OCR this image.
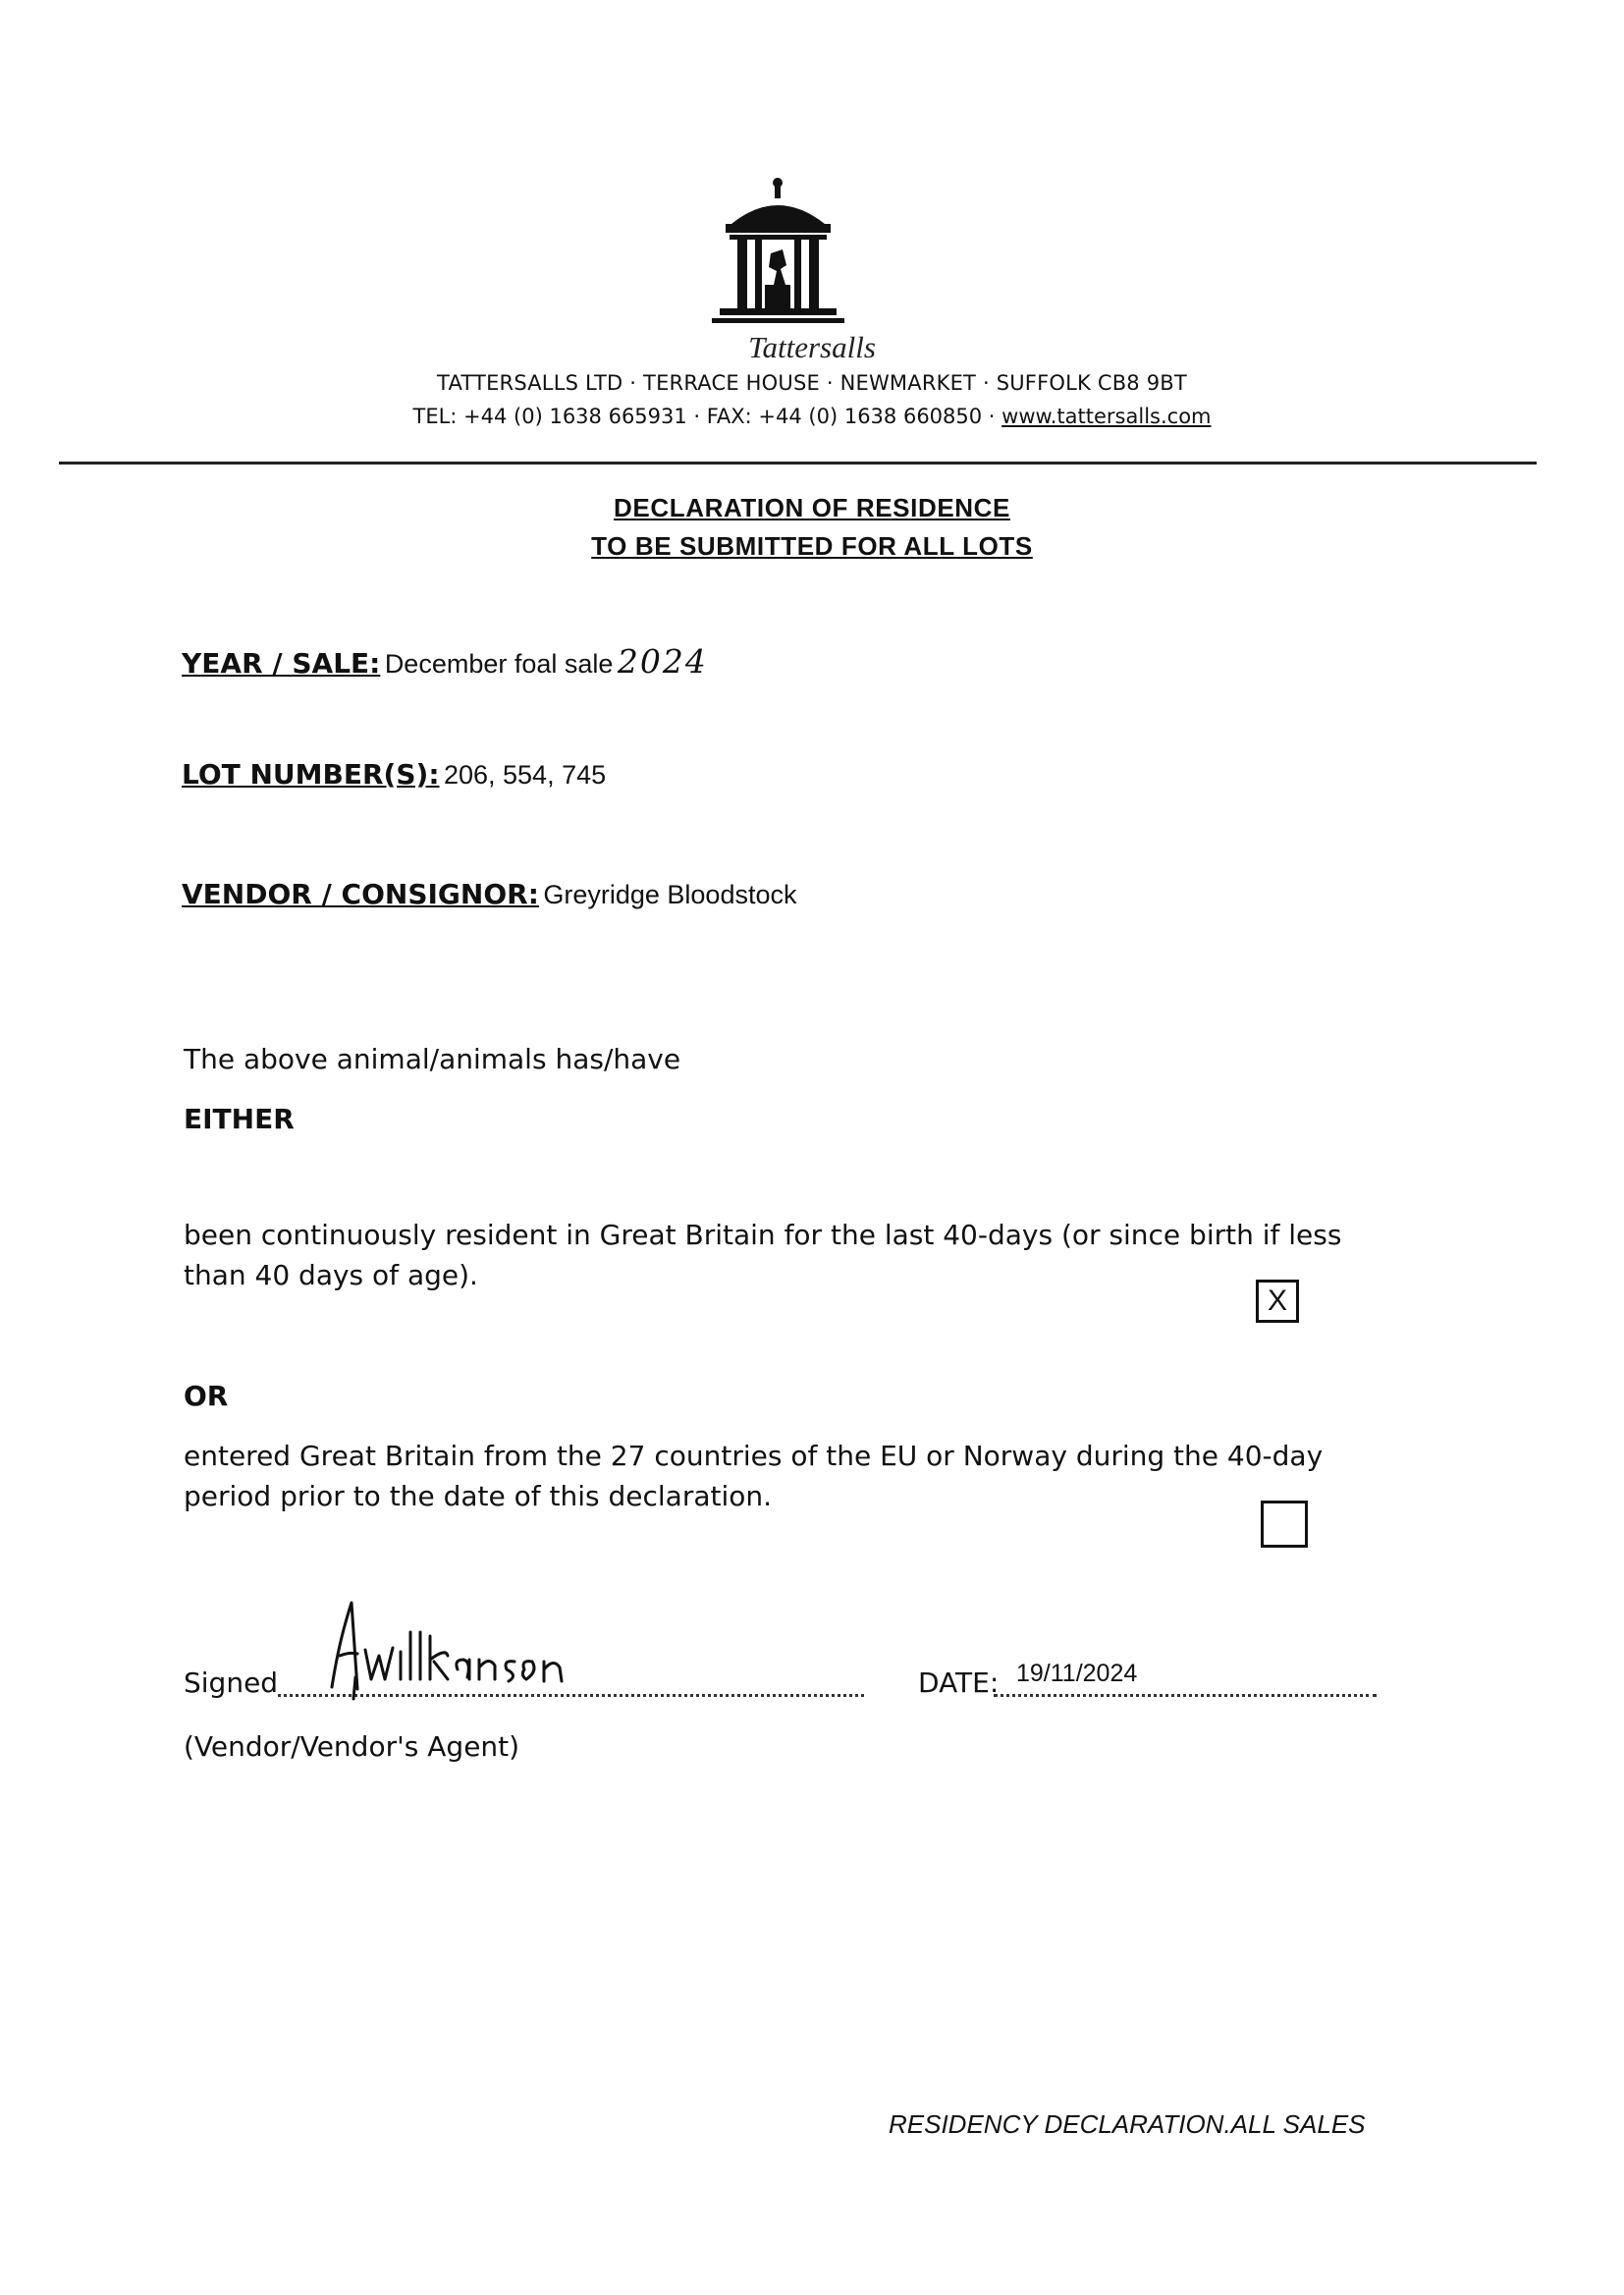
Tattersalls
TATTERSALLS LTD · TERRACE HOUSE · NEWMARKET · SUFFOLK CB8 9BT
TEL: +44 (0) 1638 665931 · FAX: +44 (0) 1638 660850 · www.tattersalls.com
DECLARATION OF RESIDENCE
TO BE SUBMITTED FOR ALL LOTS
YEAR / SALE: December foal sale 2024
LOT NUMBER(S): 206, 554, 745
VENDOR / CONSIGNOR: Greyridge Bloodstock
The above animal/animals has/have
EITHER
been continuously resident in Great Britain for the last 40-days (or since birth if less than 40 days of age).
X
OR
entered Great Britain from the 27 countries of the EU or Norway during the 40-day period prior to the date of this declaration.
Signed	DATE: 19/11/2024
(Vendor/Vendor's Agent)
RESIDENCY DECLARATION.ALL SALES
